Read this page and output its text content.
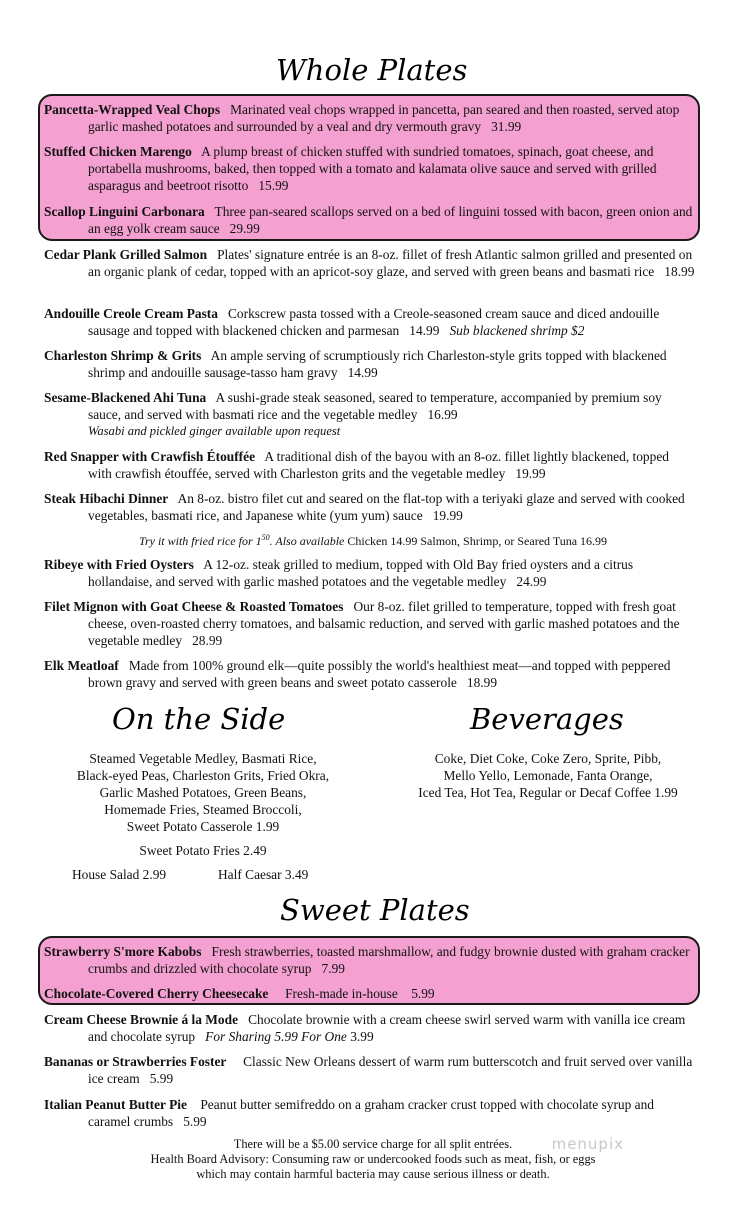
Whole Plates
Pancetta-Wrapped Veal Chops Marinated veal chops wrapped in pancetta, pan seared and then roasted, served atop garlic mashed potatoes and surrounded by a veal and dry vermouth gravy 31.99
Stuffed Chicken Marengo A plump breast of chicken stuffed with sundried tomatoes, spinach, goat cheese, and portabella mushrooms, baked, then topped with a tomato and kalamata olive sauce and served with grilled asparagus and beetroot risotto 15.99
Scallop Linguini Carbonara Three pan-seared scallops served on a bed of linguini tossed with bacon, green onion and an egg yolk cream sauce 29.99
Cedar Plank Grilled Salmon Plates' signature entrée is an 8-oz. fillet of fresh Atlantic salmon grilled and presented on an organic plank of cedar, topped with an apricot-soy glaze, and served with green beans and basmati rice 18.99
Andouille Creole Cream Pasta Corkscrew pasta tossed with a Creole-seasoned cream sauce and diced andouille sausage and topped with blackened chicken and parmesan 14.99 Sub blackened shrimp $2
Charleston Shrimp & Grits An ample serving of scrumptiously rich Charleston-style grits topped with blackened shrimp and andouille sausage-tasso ham gravy 14.99
Sesame-Blackened Ahi Tuna A sushi-grade steak seasoned, seared to temperature, accompanied by premium soy sauce, and served with basmati rice and the vegetable medley 16.99
Wasabi and pickled ginger available upon request
Red Snapper with Crawfish Étouffée A traditional dish of the bayou with an 8-oz. fillet lightly blackened, topped with crawfish étouffée, served with Charleston grits and the vegetable medley 19.99
Steak Hibachi Dinner An 8-oz. bistro filet cut and seared on the flat-top with a teriyaki glaze and served with cooked vegetables, basmati rice, and Japanese white (yum yum) sauce 19.99
Try it with fried rice for $1^{50}$. Also available Chicken 14.99 Salmon, Shrimp, or Seared Tuna 16.99
Ribeye with Fried Oysters A 12-oz. steak grilled to medium, topped with Old Bay fried oysters and a citrus hollandaise, and served with garlic mashed potatoes and the vegetable medley 24.99
Filet Mignon with Goat Cheese & Roasted Tomatoes Our 8-oz. filet grilled to temperature, topped with fresh goat cheese, oven-roasted cherry tomatoes, and balsamic reduction, and served with garlic mashed potatoes and the vegetable medley 28.99
Elk Meatloaf Made from 100% ground elk—quite possibly the world's healthiest meat—and topped with peppered brown gravy and served with green beans and sweet potato casserole 18.99
On the Side
Steamed Vegetable Medley, Basmati Rice,
Black-eyed Peas, Charleston Grits, Fried Okra,
Garlic Mashed Potatoes, Green Beans,
Homemade Fries, Steamed Broccoli,
Sweet Potato Casserole 1.99
Sweet Potato Fries 2.49
House Salad 2.99	Half Caesar 3.49
Beverages
Coke, Diet Coke, Coke Zero, Sprite, Pibb,
Mello Yello, Lemonade, Fanta Orange,
Iced Tea, Hot Tea, Regular or Decaf Coffee 1.99
Sweet Plates
Strawberry S'more Kabobs Fresh strawberries, toasted marshmallow, and fudgy brownie dusted with graham cracker crumbs and drizzled with chocolate syrup 7.99
Chocolate-Covered Cherry Cheesecake Fresh-made in-house 5.99
Cream Cheese Brownie á la Mode Chocolate brownie with a cream cheese swirl served warm with vanilla ice cream and chocolate syrup For Sharing 5.99 For One 3.99
Bananas or Strawberries Foster Classic New Orleans dessert of warm rum butterscotch and fruit served over vanilla ice cream 5.99
Italian Peanut Butter Pie Peanut butter semifreddo on a graham cracker crust topped with chocolate syrup and caramel crumbs 5.99
There will be a $5.00 service charge for all split entrées.
Health Board Advisory: Consuming raw or undercooked foods such as meat, fish, or eggs
which may contain harmful bacteria may cause serious illness or death.
menupix
